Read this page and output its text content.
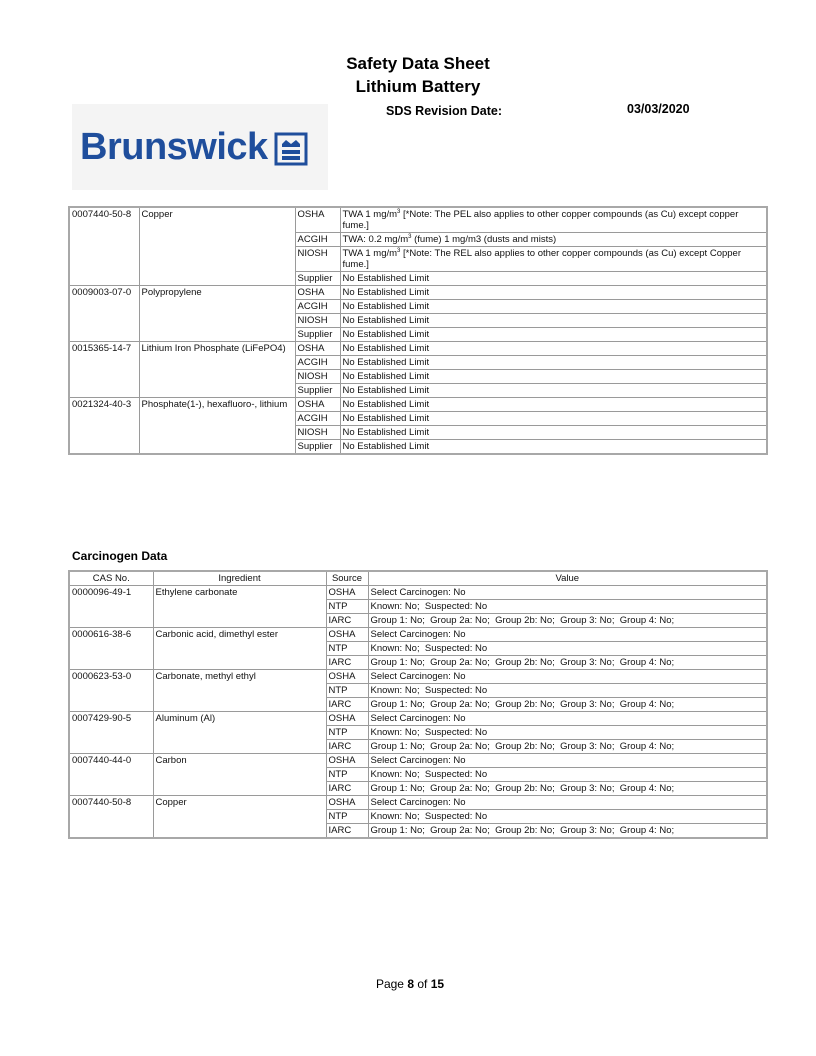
Safety Data Sheet
Lithium Battery
SDS Revision Date:	03/03/2020
Brunswick
0007440-50-8	Copper	OSHA	TWA 1 $mg/m^3$ [*Note: The PEL also applies to other copper compounds (as Cu) except copper fume.]
		ACGIH	TWA: 0.2 $mg/m^3$ (fume) 1 mg/m3 (dusts and mists)
		NIOSH	TWA 1 $mg/m^3$ [*Note: The REL also applies to other copper compounds (as Cu) except Copper fume.]
		Supplier	No Established Limit
0009003-07-0	Polypropylene	OSHA	No Established Limit
		ACGIH	No Established Limit
		NIOSH	No Established Limit
		Supplier	No Established Limit
0015365-14-7	Lithium Iron Phosphate (LiFePO4)	OSHA	No Established Limit
		ACGIH	No Established Limit
		NIOSH	No Established Limit
		Supplier	No Established Limit
0021324-40-3	Phosphate(1-), hexafluoro-, lithium	OSHA	No Established Limit
		ACGIH	No Established Limit
		NIOSH	No Established Limit
		Supplier	No Established Limit
Carcinogen Data
CAS No.	Ingredient	Source	Value
0000096-49-1	Ethylene carbonate	OSHA	Select Carcinogen: No
		NTP	Known: No;  Suspected: No
		IARC	Group 1: No;  Group 2a: No;  Group 2b: No;  Group 3: No;  Group 4: No;
0000616-38-6	Carbonic acid, dimethyl ester	OSHA	Select Carcinogen: No
		NTP	Known: No;  Suspected: No
		IARC	Group 1: No;  Group 2a: No;  Group 2b: No;  Group 3: No;  Group 4: No;
0000623-53-0	Carbonate, methyl ethyl	OSHA	Select Carcinogen: No
		NTP	Known: No;  Suspected: No
		IARC	Group 1: No;  Group 2a: No;  Group 2b: No;  Group 3: No;  Group 4: No;
0007429-90-5	Aluminum (Al)	OSHA	Select Carcinogen: No
		NTP	Known: No;  Suspected: No
		IARC	Group 1: No;  Group 2a: No;  Group 2b: No;  Group 3: No;  Group 4: No;
0007440-44-0	Carbon	OSHA	Select Carcinogen: No
		NTP	Known: No;  Suspected: No
		IARC	Group 1: No;  Group 2a: No;  Group 2b: No;  Group 3: No;  Group 4: No;
0007440-50-8	Copper	OSHA	Select Carcinogen: No
		NTP	Known: No;  Suspected: No
		IARC	Group 1: No;  Group 2a: No;  Group 2b: No;  Group 3: No;  Group 4: No;
Page 8 of 15
